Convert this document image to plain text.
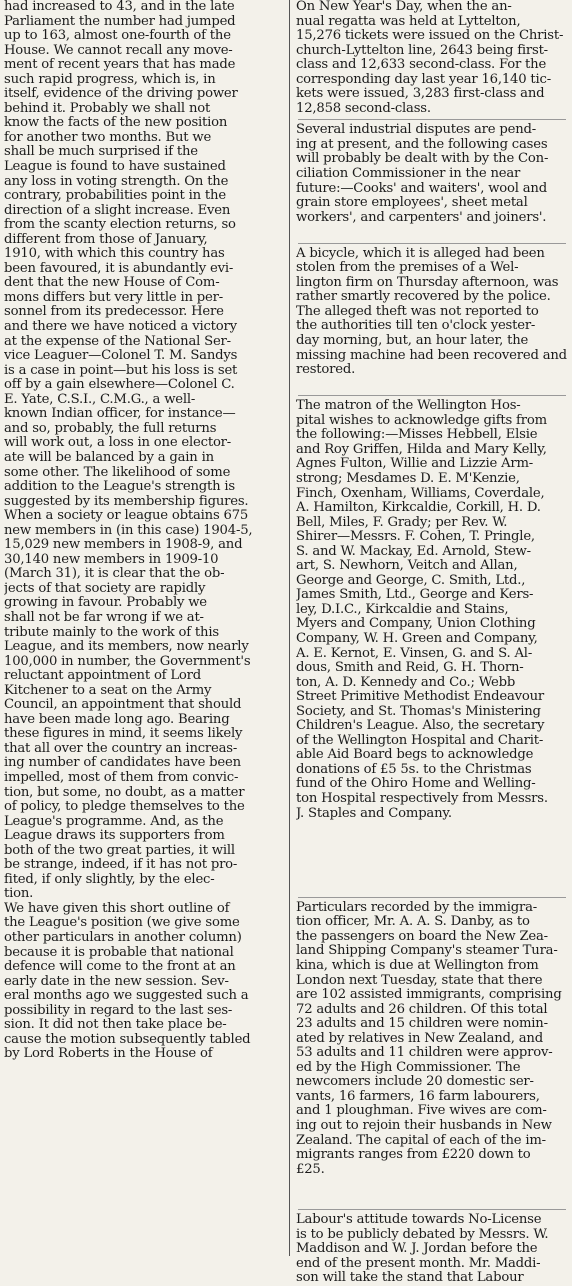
had increased to 43, and in the late
Parliament the number had jumped
up to 163, almost one-fourth of the
House. We cannot recall any move-
ment of recent years that has made
such rapid progress, which is, in
itself, evidence of the driving power
behind it. Probably we shall not
know the facts of the new position
for another two months. But we
shall be much surprised if the
League is found to have sustained
any loss in voting strength. On the
contrary, probabilities point in the
direction of a slight increase. Even
from the scanty election returns, so
different from those of January,
1910, with which this country has
been favoured, it is abundantly evi-
dent that the new House of Com-
mons differs but very little in per-
sonnel from its predecessor. Here
and there we have noticed a victory
at the expense of the National Ser-
vice Leaguer—Colonel T. M. Sandys
is a case in point—but his loss is set
off by a gain elsewhere—Colonel C.
E. Yate, C.S.I., C.M.G., a well-
known Indian officer, for instance—
and so, probably, the full returns
will work out, a loss in one elector-
ate will be balanced by a gain in
some other. The likelihood of some
addition to the League's strength is
suggested by its membership figures.
When a society or league obtains 675
new members in (in this case) 1904-5,
15,029 new members in 1908-9, and
30,140 new members in 1909-10
(March 31), it is clear that the ob-
jects of that society are rapidly
growing in favour. Probably we
shall not be far wrong if we at-
tribute mainly to the work of this
League, and its members, now nearly
100,000 in number, the Government's
reluctant appointment of Lord
Kitchener to a seat on the Army
Council, an appointment that should
have been made long ago. Bearing
these figures in mind, it seems likely
that all over the country an increas-
ing number of candidates have been
impelled, most of them from convic-
tion, but some, no doubt, as a matter
of policy, to pledge themselves to the
League's programme. And, as the
League draws its supporters from
both of the two great parties, it will
be strange, indeed, if it has not pro-
fited, if only slightly, by the elec-
tion.
We have given this short outline of
the League's position (we give some
other particulars in another column)
because it is probable that national
defence will come to the front at an
early date in the new session. Sev-
eral months ago we suggested such a
possibility in regard to the last ses-
sion. It did not then take place be-
cause the motion subsequently tabled
by Lord Roberts in the House of
On New Year's Day, when the an-
nual regatta was held at Lyttelton,
15,276 tickets were issued on the Christ-
church-Lyttelton line, 2643 being first-
class and 12,633 second-class. For the
corresponding day last year 16,140 tic-
kets were issued, 3,283 first-class and
12,858 second-class.
Several industrial disputes are pend-
ing at present, and the following cases
will probably be dealt with by the Con-
ciliation Commissioner in the near
future:—Cooks' and waiters', wool and
grain store employees', sheet metal
workers', and carpenters' and joiners'.
A bicycle, which it is alleged had been
stolen from the premises of a Wel-
lington firm on Thursday afternoon, was
rather smartly recovered by the police.
The alleged theft was not reported to
the authorities till ten o'clock yester-
day morning, but, an hour later, the
missing machine had been recovered and
restored.
The matron of the Wellington Hos-
pital wishes to acknowledge gifts from
the following:—Misses Hebbell, Elsie
and Roy Griffen, Hilda and Mary Kelly,
Agnes Fulton, Willie and Lizzie Arm-
strong; Mesdames D. E. M'Kenzie,
Finch, Oxenham, Williams, Coverdale,
A. Hamilton, Kirkcaldie, Corkill, H. D.
Bell, Miles, F. Grady; per Rev. W.
Shirer—Messrs. F. Cohen, T. Pringle,
S. and W. Mackay, Ed. Arnold, Stew-
art, S. Newhorn, Veitch and Allan,
George and George, C. Smith, Ltd.,
James Smith, Ltd., George and Kers-
ley, D.I.C., Kirkcaldie and Stains,
Myers and Company, Union Clothing
Company, W. H. Green and Company,
A. E. Kernot, E. Vinsen, G. and S. Al-
dous, Smith and Reid, G. H. Thorn-
ton, A. D. Kennedy and Co.; Webb
Street Primitive Methodist Endeavour
Society, and St. Thomas's Ministering
Children's League. Also, the secretary
of the Wellington Hospital and Charit-
able Aid Board begs to acknowledge
donations of £5 5s. to the Christmas
fund of the Ohiro Home and Welling-
ton Hospital respectively from Messrs.
J. Staples and Company.
Particulars recorded by the immigra-
tion officer, Mr. A. A. S. Danby, as to
the passengers on board the New Zea-
land Shipping Company's steamer Tura-
kina, which is due at Wellington from
London next Tuesday, state that there
are 102 assisted immigrants, comprising
72 adults and 26 children. Of this total
23 adults and 15 children were nomin-
ated by relatives in New Zealand, and
53 adults and 11 children were approv-
ed by the High Commissioner. The
newcomers include 20 domestic ser-
vants, 16 farmers, 16 farm labourers,
and 1 ploughman. Five wives are com-
ing out to rejoin their husbands in New
Zealand. The capital of each of the im-
migrants ranges from £220 down to
£25.
Labour's attitude towards No-License
is to be publicly debated by Messrs. W.
Maddison and W. J. Jordan before the
end of the present month. Mr. Maddi-
son will take the stand that Labour
